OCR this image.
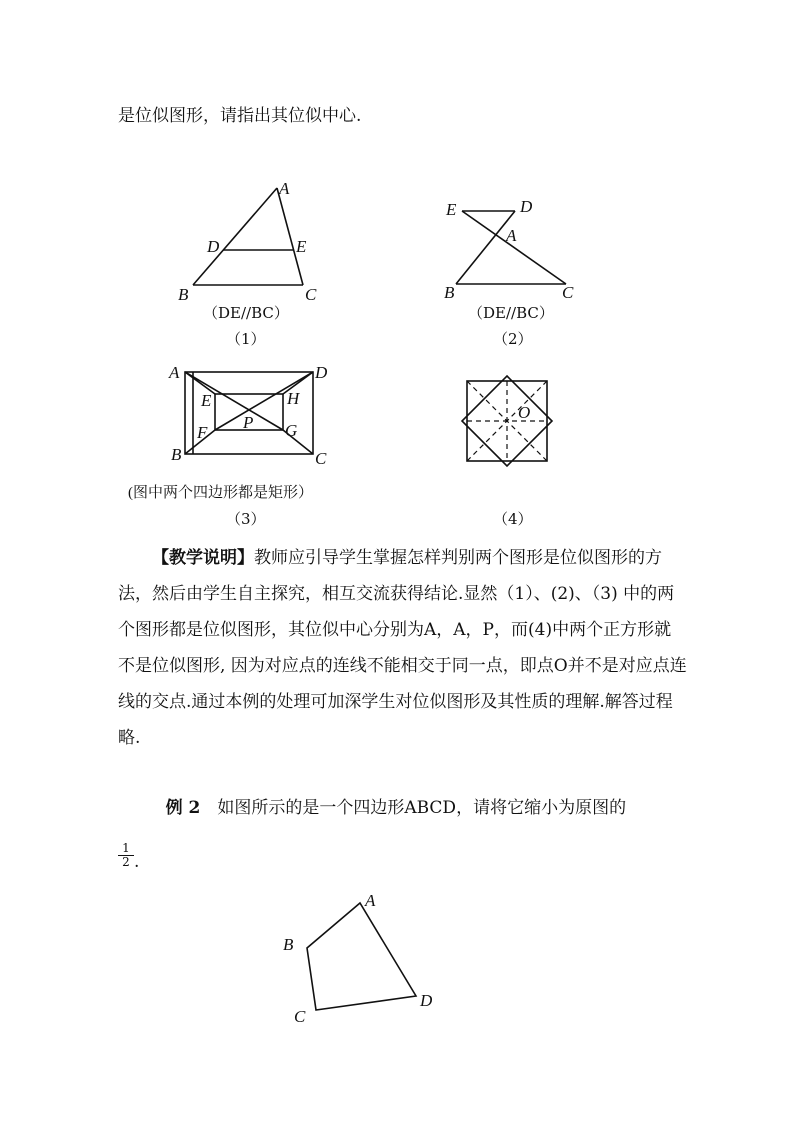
是位似图形，请指出其位似中心.

A
D	E
B	C
（DE//BC）
（1）
E	D
A
B	C
（DE//BC）
（2）
A	D
E	H
P
F	G
B	C
(图中两个四边形都是矩形）
（3）
O
（4）

【教学说明】教师应引导学生掌握怎样判别两个图形是位似图形的方法，然后由学生自主探究，相互交流获得结论.显然（1）、(2)、（3) 中的两个图形都是位似图形，其位似中心分别为A，A，P，而(4)中两个正方形就不是位似图形, 因为对应点的连线不能相交于同一点，即点O并不是对应点连线的交点.通过本例的处理可加深学生对位似图形及其性质的理解.解答过程略.

例 2　如图所示的是一个四边形ABCD，请将它缩小为原图的

$\frac{1}{2}$ .
A
B
C
D
